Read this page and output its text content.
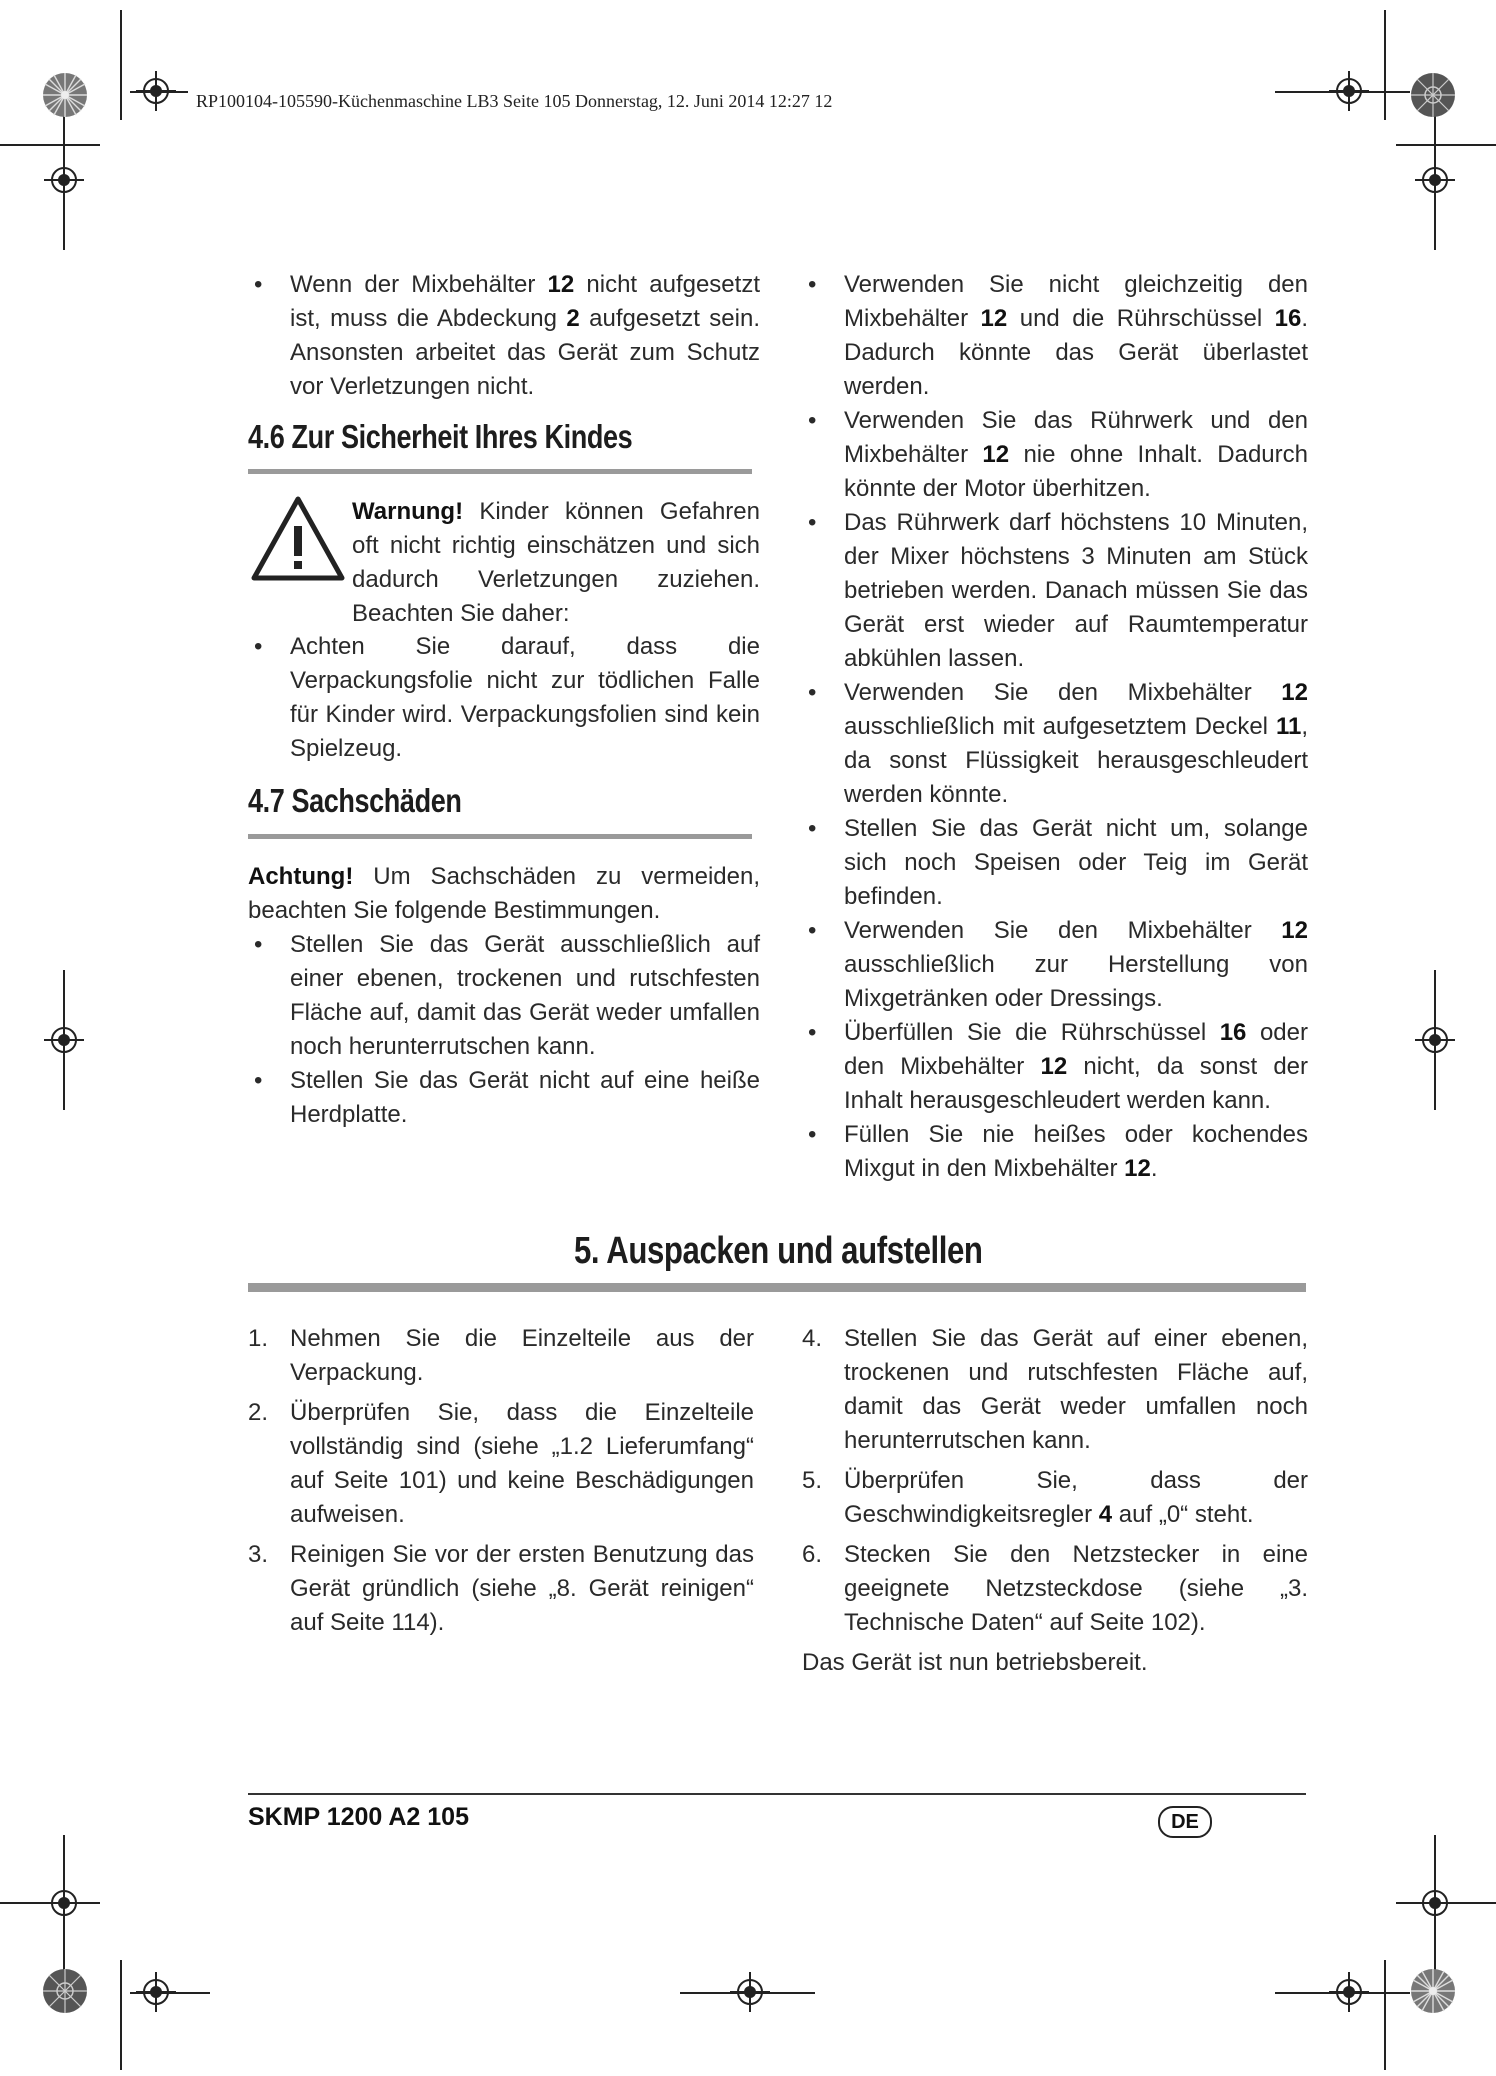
RP100104-105590-Küchenmaschine LB3 Seite 105 Donnerstag, 12. Juni 2014 12:27 12

• Wenn der Mixbehälter 12 nicht aufgesetzt ist, muss die Abdeckung 2 aufgesetzt sein. Ansonsten arbeitet das Gerät zum Schutz vor Verletzungen nicht.

4.6 Zur Sicherheit Ihres Kindes
Warnung! Kinder können Gefahren oft nicht richtig einschätzen und sich dadurch Verletzungen zuziehen. Beachten Sie daher:

• Achten Sie darauf, dass die Verpackungsfolie nicht zur tödlichen Falle für Kinder wird. Verpackungsfolien sind kein Spielzeug.

4.7 Sachschäden

Achtung! Um Sachschäden zu vermeiden, beachten Sie folgende Bestimmungen.

• Stellen Sie das Gerät ausschließlich auf einer ebenen, trockenen und rutschfesten Fläche auf, damit das Gerät weder umfallen noch herunterrutschen kann.

• Stellen Sie das Gerät nicht auf eine heiße Herdplatte.

• Verwenden Sie nicht gleichzeitig den Mixbehälter 12 und die Rührschüssel 16. Dadurch könnte das Gerät überlastet werden.

• Verwenden Sie das Rührwerk und den Mixbehälter 12 nie ohne Inhalt. Dadurch könnte der Motor überhitzen.

• Das Rührwerk darf höchstens 10 Minuten, der Mixer höchstens 3 Minuten am Stück betrieben werden. Danach müssen Sie das Gerät erst wieder auf Raumtemperatur abkühlen lassen.

• Verwenden Sie den Mixbehälter 12 ausschließlich mit aufgesetztem Deckel 11, da sonst Flüssigkeit herausgeschleudert werden könnte.

• Stellen Sie das Gerät nicht um, solange sich noch Speisen oder Teig im Gerät befinden.

• Verwenden Sie den Mixbehälter 12 ausschließlich zur Herstellung von Mixgetränken oder Dressings.

• Überfüllen Sie die Rührschüssel 16 oder den Mixbehälter 12 nicht, da sonst der Inhalt herausgeschleudert werden kann.

• Füllen Sie nie heißes oder kochendes Mixgut in den Mixbehälter 12.

5. Auspacken und aufstellen

1. Nehmen Sie die Einzelteile aus der Verpackung.

2. Überprüfen Sie, dass die Einzelteile vollständig sind (siehe „1.2 Lieferumfang“ auf Seite 101) und keine Beschädigungen aufweisen.

3. Reinigen Sie vor der ersten Benutzung das Gerät gründlich (siehe „8. Gerät reinigen“ auf Seite 114).

4. Stellen Sie das Gerät auf einer ebenen, trockenen und rutschfesten Fläche auf, damit das Gerät weder umfallen noch herunterrutschen kann.

5. Überprüfen Sie, dass der Geschwindigkeitsregler 4 auf „0“ steht.

6. Stecken Sie den Netzstecker in eine geeignete Netzsteckdose (siehe „3. Technische Daten“ auf Seite 102).

Das Gerät ist nun betriebsbereit.

SKMP 1200 A2 105	DE
